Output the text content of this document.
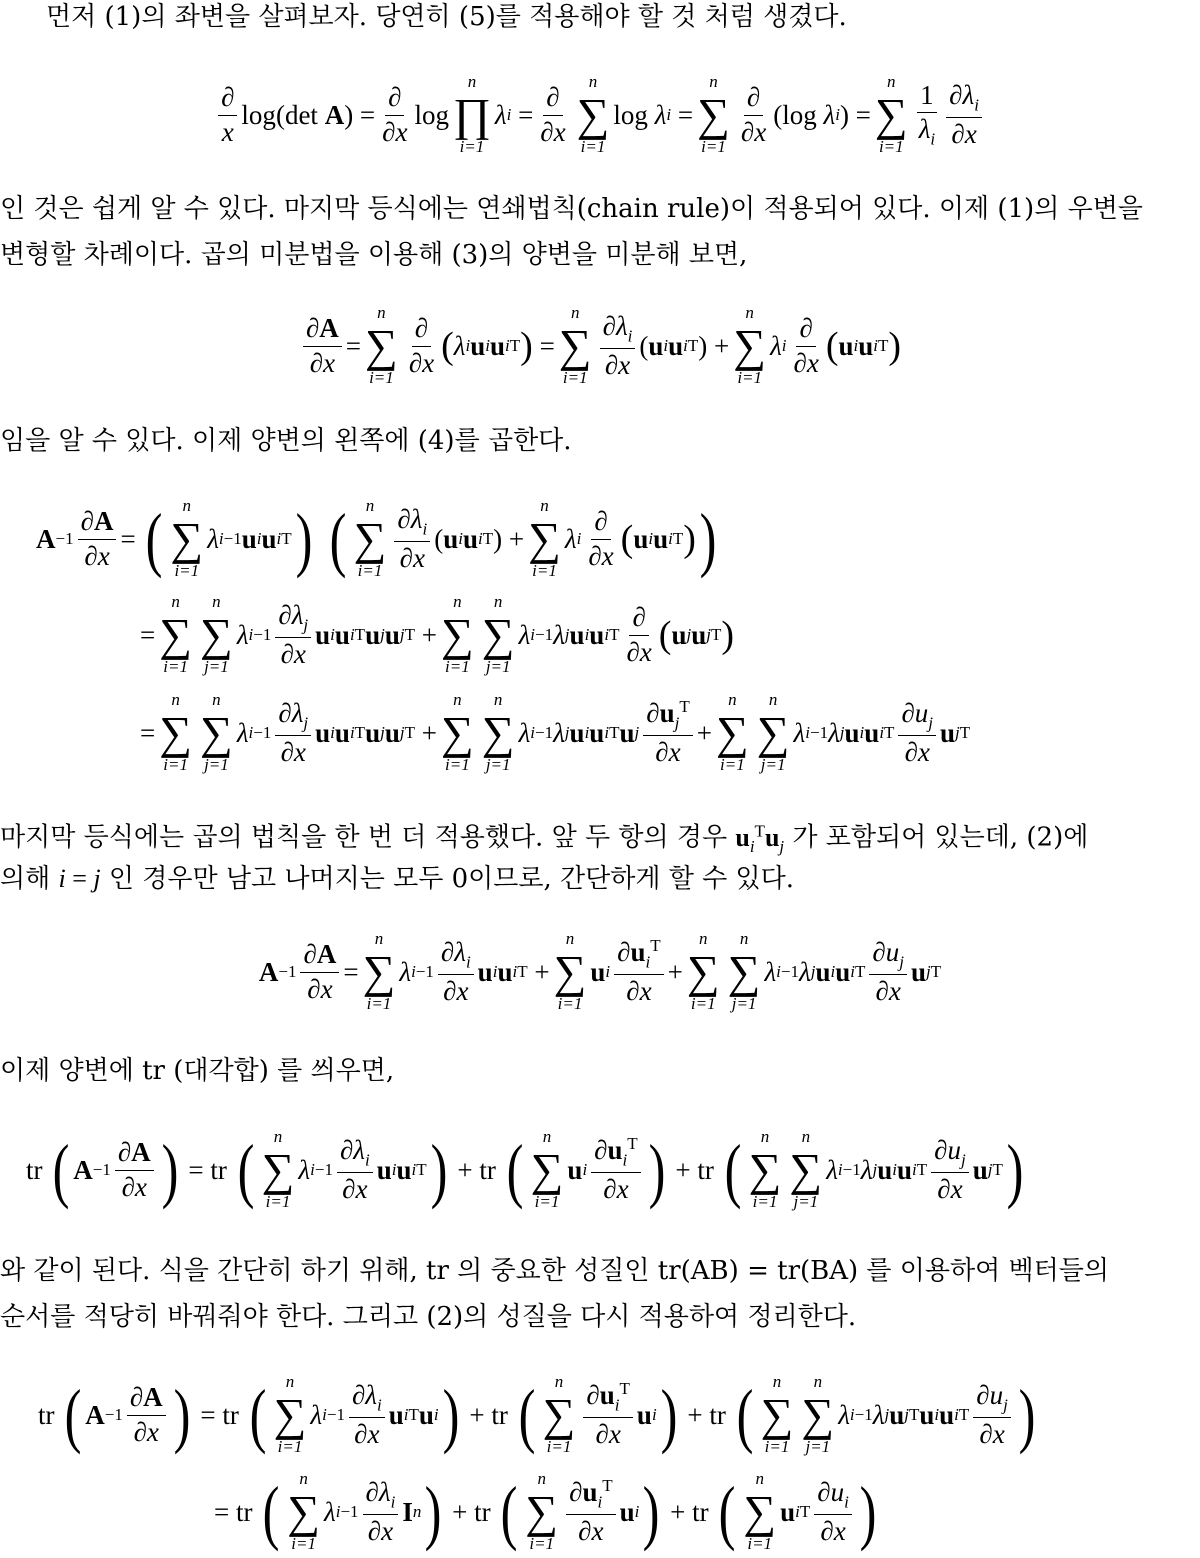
먼저 (1)의 좌변을 살펴보자. 당연히 (5)를 적용해야 할 것 처럼 생겼다.
$\frac{\partial}{x}$ log ( det
A ) = $\frac{\partial}{\partial x}$ log
n
∏
i=1
λ $i = \frac{\partial}{\partial x}$
n
∑
i=1
log
λ i =
n
∑
$i=1 \frac{\partial}{\partial x}$ ( log
λ i ) =
n
∑
$i=1 \frac{1}{\lambda_i} \frac{\partial\lambda_i}{\partial x}$
인 것은 쉽게 알 수 있다. 마지막 등식에는 연쇄법칙(chain rule)이 적용되어 있다. 이제 (1)의 우변을
변형할 차례이다. 곱의 미분법을 이용해 (3)의 양변을 미분해 보면,
$\frac{\partial A}{\partial x}$ =
n
∑
$i=1 \frac{\partial}{\partial x}$ ( λ i u i u i T ) =
n
∑
$i=1 \frac{\partial\lambda_i}{\partial x}$ ( u i u i T ) +
n
∑
i=1
λ i $\frac{\partial}{\partial x}$ ( u i u i T )
임을 알 수 있다. 이제 양변의 왼쪽에 (4)를 곱한다.
$A -1 \frac{\partial A}{\partial x}$ = ( n
∑
i=1
λ i −1 u i u i T ) ( n
∑
$i=1 \frac{\partial\lambda_i}{\partial x}$ ( u i u i T ) +
n
∑
i=1
λ i $\frac{\partial}{\partial x}$ ( u i u i T ) )
=
n
∑
i=1
n
∑
j=1
λ $i -1 \frac{\partial\lambda_j}{\partial x}$ u i u i T u j u j T +
n
∑
i=1
n
∑
j=1
λ i −1 λ j u i u i T $\frac{\partial}{\partial x}$ ( u j u j T )
=
n
∑
i=1
n
∑
j=1
λ $i -1 \frac{\partial\lambda_j}{\partial x}$ u i u i T u j u j T +
n
∑
i=1
n
∑
j=1
λ i −1 λ j u i u i T u j $\frac{\partial u_j^T}{\partial x}$ +
n
∑
i=1
n
∑
j=1
λ i −1 λ j u i u i T $\frac{\partial u_j}{\partial x}$ u j T
마지막 등식에는 곱의 법칙을 한 번 더 적용했다. 앞 두 항의 경우 $u_i^Tu_j$ 가 포함되어 있는데, (2)에
의해 i = j 인 경우만 남고 나머지는 모두 0이므로, 간단하게 할 수 있다.
$A -1 \frac{\partial A}{\partial x}$ =
n
∑
i=1
λ $i -1 \frac{\partial\lambda_i}{\partial x}$ u i u i T +
n
∑
i=1
u i $\frac{\partial u_i^T}{\partial x}$ +
n
∑
i=1
n
∑
j=1
λ i −1 λ j u i u i T $\frac{\partial u_j}{\partial x}$ u j T
이제 양변에 tr (대각합) 를 씌우면,
tr
( $A -1 \frac{\partial A}{\partial x}$ ) = tr
( n
∑
i=1
λ $i -1 \frac{\partial\lambda_i}{\partial x}$ u i u i T ) + tr
( n
∑
i=1
u i $\frac{\partial u_i^T}{\partial x}$ ) + tr
( n
∑
i=1
n
∑
j=1
λ i −1 λ j u i u i T $\frac{\partial u_j}{\partial x}$ u j T )
와 같이 된다. 식을 간단히 하기 위해, tr 의 중요한 성질인 tr(AB) = tr(BA) 를 이용하여 벡터들의
순서를 적당히 바꿔줘야 한다. 그리고 (2)의 성질을 다시 적용하여 정리한다.
tr
( $A -1 \frac{\partial A}{\partial x}$ ) = tr
( n
∑
i=1
λ $i -1 \frac{\partial\lambda_i}{\partial x}$ u i T u i ) + tr
( n
∑
$i=1 \frac{\partial u_i^T}{\partial x}$ u i ) + tr
( n
∑
i=1
n
∑
j=1
λ i −1 λ j u j T u i u i T $\frac{\partial u_j}{\partial x}$ )
= tr
( n
∑
i=1
λ $i -1 \frac{\partial\lambda_i}{\partial x}$ I n ) + tr
( n
∑
$i=1 \frac{\partial u_i^T}{\partial x}$ u i ) + tr
( n
∑
i=1
u i T $\frac{\partial u_i}{\partial x}$ )
